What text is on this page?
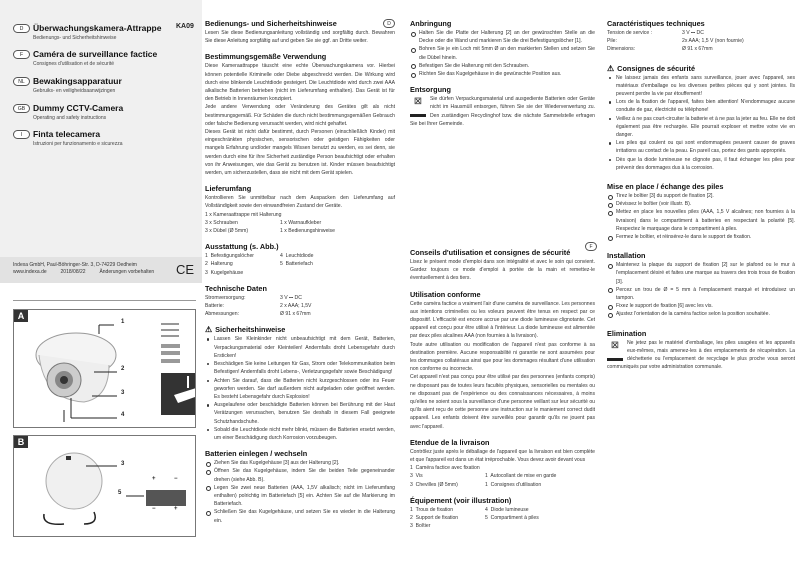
KA09
D	Überwachungskamera-Attrappe
Bedienungs- und Sicherheitshinweise
F	Caméra de surveillance factice
Consignes d'utilisation et de sécurité
NL Bewakingsapparatuur
Gebruiks- en veiligheidsaanwijzingen
GB Dummy CCTV-Camera
Operating and safety instructions
I	Finta telecamera
Istruzioni per funzionamento e sicurezza
Indexa GmbH, Paul-Böhringer-Str. 3, D-74229 Oedheim
www.indexa.de          2018/08/22          Änderungen vorbehalten CE
A
1
2
3
4
B
3
5
+	−
−	+
D
Bedienungs- und Sicherheitshinweise

Lesen Sie diese Bedienungsanleitung vollständig und sorgfältig durch. Bewahren Sie diese Anleitung sorgfältig auf und geben Sie sie ggf. an Dritte weiter.

Bestimmungsgemäße Verwendung

Diese Kameraattrappe täuscht eine echte Überwachungskamera vor. Hierbei können potentielle Kriminelle oder Diebe abgeschreckt werden. Die Wirkung wird durch eine blinkende Leuchtdiode gesteigert. Die Leuchtdiode wird durch zwei AAA alkalische Batterien betrieben (nicht im Lieferumfang enthalten). Das Gerät ist für den Betrieb in Innenräumen konzipiert.

Jede andere Verwendung oder Veränderung des Gerätes gilt als nicht bestimmungsgemäß. Für Schäden die durch nicht bestimmungsgemäßen Gebrauch oder falsche Bedienung verursacht werden, wird nicht gehaftet.

Dieses Gerät ist nicht dafür bestimmt, durch Personen (einschließlich Kinder) mit eingeschränkten physischen, sensorischen oder geistigen Fähigkeiten oder mangels Erfahrung und/oder mangels Wissen benutzt zu werden, es sei denn, sie werden durch eine für ihre Sicherheit zuständige Person beaufsichtigt oder erhalten von ihr Anweisungen, wie das Gerät zu benutzen ist. Kinder müssen beaufsichtigt werden, um sicherzustellen, dass sie nicht mit dem Gerät spielen.

Lieferumfang

Kontrollieren Sie unmittelbar nach dem Auspacken den Lieferumfang auf Vollständigkeit sowie den einwandfreien Zustand der Geräte.

1 x Kameraattrappe mit Halterung
3 x Schrauben	1 x Warnaufkleber
3 x Dübel (Ø 5mm)	1 x Bedienungshinweise
Ausstattung (s. Abb.)
1  Befestigungslöcher	4  Leuchtdiode
2  Halterung	5  Batteriefach
3  Kugelgehäuse
Technische Daten
Stromversorgung:	3 V ⎓ DC
Batterie:	2 x AAA; 1,5V
Abmessungen:	Ø 91 x 67mm
⚠ Sicherheitshinweise
Lassen Sie Kleinkinder nicht unbeaufsichtigt mit dem Gerät, Batterien, Verpackungsmaterial oder Kleinteilen! Andernfalls droht Lebensgefahr durch Ersticken!
Beschädigen Sie keine Leitungen für Gas, Strom oder Telekommunikation beim Befestigen! Andernfalls droht Lebens-, Verletzungsgefahr sowie Beschädigung!
Achten Sie darauf, dass die Batterien nicht kurzgeschlossen oder ins Feuer geworfen werden. Sie darf außerdem nicht aufgeladen oder geöffnet werden. Es besteht Lebensgefahr durch Explosion!
Ausgelaufene oder beschädigte Batterien können bei Berührung mit der Haut Verätzungen verursachen, benutzen Sie deshalb in diesem Fall geeignete Schutzhandschuhe.
Sobald die Leuchtdiode nicht mehr blinkt, müssen die Batterien ersetzt werden, um einer Beschädigung durch Korrosion vorzubeugen.
Batterien einlegen / wechseln
Ziehen Sie das Kugelgehäuse [3] aus der Halterung [2].
Öffnen Sie das Kugelgehäuse, indem Sie die beiden Teile gegeneinander drehen (siehe Abb. B).
Legen Sie zwei neue Batterien (AAA, 1,5V alkalisch; nicht im Lieferumfang enthalten) polrichtig im Batteriefach [5] ein. Achten Sie auf die Markierung im Batteriefach.
Schließen Sie das Kugelgehäuse, und setzen Sie es wieder in die Halterung ein.
Anbringung
Halten Sie die Platte der Halterung [2] an der gewünschten Stelle an die Decke oder die Wand und markieren Sie die drei Befestigungslöcher [1].
Bohren Sie je ein Loch mit 5mm Ø an den markierten Stellen und setzen Sie die Dübel hinein.
Befestigen Sie die Halterung mit den Schrauben.
Richten Sie das Kugelgehäuse in die gewünschte Position aus.
Entsorgung
⊠	Sie dürfen Verpackungsmaterial und ausgediente Batterien oder Geräte nicht im Hausmüll entsorgen, führen Sie sie der Wiederverwertung zu. Den zuständigen Recyclinghof bzw. die nächste Sammelstelle erfragen Sie bei Ihrer Gemeinde.

F
Conseils d'utilisation et consignes de sécurité

Lisez le présent mode d'emploi dans son intégralité et avec le soin qui convient. Gardez toujours ce mode d'emploi à portée de la main et remettez-le éventuellement à des tiers.

Utilisation conforme

Cette caméra factice a vraiment l'air d'une caméra de surveillance. Les personnes aux intentions criminelles ou les voleurs peuvent être tenus en respect par ce dispositif. L'efficacité est encore accrue par une diode lumineuse clignotante. Cet appareil est conçu pour être utilisé à l'intérieur. La diode lumineuse est alimentée par deux piles alcalines AAA (non fournies à la livraison).

Toute autre utilisation ou modification de l'appareil n'est pas conforme à sa destination première. Aucune responsabilité ni garantie ne sont assumées pour les dommages collatéraux ainsi que pour les dommages résultant d'une utilisation non conforme ou incorrecte.

Cet appareil n'est pas conçu pour être utilisé par des personnes (enfants compris) ne disposant pas de toutes leurs facultés physiques, sensorielles ou mentales ou ne disposant pas de l'expérience ou des connaissances nécessaires, à moins qu'elles ne soient sous la surveillance d'une personne veillant sur leur sécurité ou qu'ils aient reçu de cette personne une instruction sur le maniement correct dudit appareil. Les enfants doivent être surveillés pour garantir qu'ils ne jouent pas avec l'appareil.

Etendue de la livraison

Contrôlez juste après le déballage de l'appareil que la livraison est bien complète et que l'appareil est dans un état irréprochable. Vous devez avoir devant vous

1  Caméra factice avec fixation
3  Vis	1  Autocollant de mise en garde
3  Chevilles (Ø 5mm)	1  Consignes d'utilisation
Équipement (voir illustration)
1  Trous de fixation	4  Diode lumineuse
2  Support de fixation	5  Compartiment à piles
3  Boîtier
Caractéristiques techniques
Tension de service :	3 V ⎓ DC
Pile:	2x AAA; 1,5 V (non fournie)
Dimensions:	Ø 91 x 67mm
⚠ Consignes de sécurité
Ne laissez jamais des enfants sans surveillance, jouer avec l'appareil, ses matériaux d'emballage ou les diverses petites pièces qui y sont jointes. Ils peuvent perdre la vie par étouffement!
Lors de la fixation de l'appareil, faites bien attention! N'endommagez aucune conduite de gaz, électricité ou téléphone!
Veillez à ne pas court-circuiter la batterie et à ne pas la jeter au feu. Elle ne doit également pas être rechargée. Elle pourrait exploser et mettre votre vie en danger.
Les piles qui coulent ou qui sont endommagées peuvent causer de graves irritations au contact de la peau. En pareil cas, portez des gants appropriés.
Dès que la diode lumineuse ne clignote pas, il faut échanger les piles pour prévenir des dommages dus à la corrosion.
Mise en place / échange des piles
Tirez le boîtier [3] du support de fixation [2].
Dévissez le boîtier (voir illustr. B).
Mettez en place les nouvelles piles (AAA, 1,5 V alcalines; non fournies à la livraison) dans le compartiment à batteries en respectant la polarité [5]. Respectez le marquage dans le compartiment à piles.
Fermez le boîtier, et réinsérez-le dans le support de fixation.
Installation
Maintenez la plaque du support de fixation [2] sur le plafond ou le mur à l'emplacement désiré et faites une marque au travers des trois trous de fixation [3].
Percez un trou de Ø = 5 mm à l'emplacement marqué et introduisez un tampon.
Fixez le support de fixation [6] avec les vis.
Ajustez l'orientation de la caméra factice selon la position souhaitée.
Elimination
⊠	Ne jetez pas le matériel d'emballage, les piles usagées et les appareils eux-mêmes, mais amenez-les à des emplacements de récupération. La déchetterie ou l'emplacement de recyclage le plus proche vous seront communiqués par votre administration communale.
